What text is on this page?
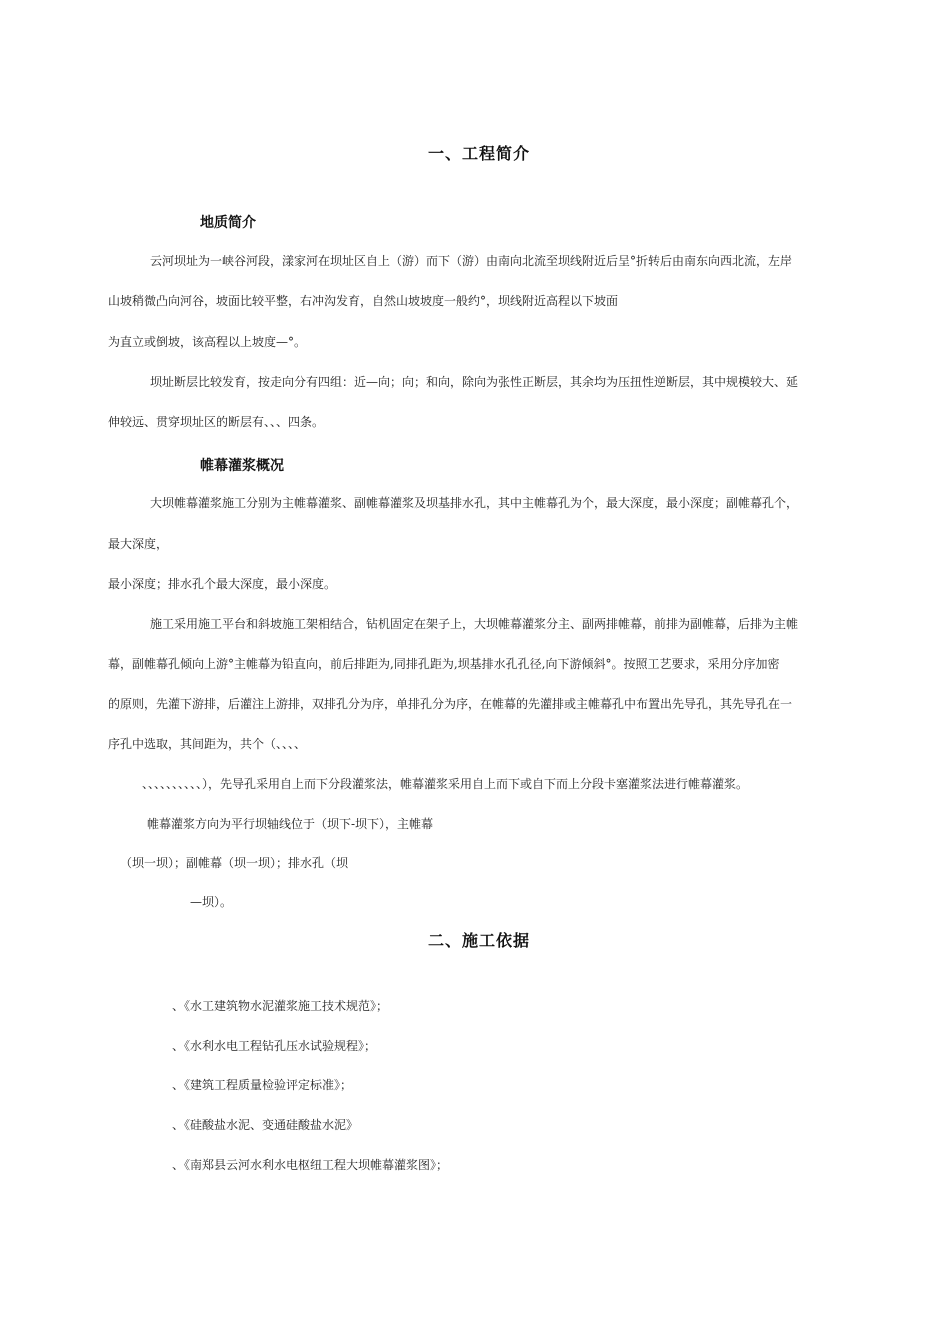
一、工程简介
地质简介

云河坝址为一峡谷河段，漾家河在坝址区自上（游）而下（游）由南向北流至坝线附近后呈°折转后由南东向西北流，左岸

山坡稍微凸向河谷，坡面比较平整，右冲沟发育，自然山坡坡度一般约°，坝线附近高程以下坡面

为直立或倒坡，该高程以上坡度—°。

坝址断层比较发育，按走向分有四组：近—向；向；和向，除向为张性正断层，其余均为压扭性逆断层，其中规模较大、延

伸较远、贯穿坝址区的断层有、、、四条。

帷幕灌浆概况

大坝帷幕灌浆施工分别为主帷幕灌浆、副帷幕灌浆及坝基排水孔，其中主帷幕孔为个，最大深度，最小深度；副帷幕孔个，

最大深度，

最小深度；排水孔个最大深度，最小深度。

施工采用施工平台和斜坡施工架相结合，钻机固定在架子上，大坝帷幕灌浆分主、副两排帷幕，前排为副帷幕，后排为主帷

幕，副帷幕孔倾向上游°主帷幕为铅直向，前后排距为,同排孔距为,坝基排水孔孔径,向下游倾斜°。按照工艺要求，采用分序加密

的原则，先灌下游排，后灌注上游排，双排孔分为序，单排孔分为序，在帷幕的先灌排或主帷幕孔中布置出先导孔，其先导孔在一

序孔中选取，其间距为，共个（、、、、

、、、、、、、、、、），先导孔采用自上而下分段灌浆法，帷幕灌浆采用自上而下或自下而上分段卡塞灌浆法进行帷幕灌浆。

帷幕灌浆方向为平行坝轴线位于（坝下-坝下），主帷幕

（坝一坝）；副帷幕（坝一坝）；排水孔（坝

—坝）。

二、施工依据

、《水工建筑物水泥灌浆施工技术规范》；

、《水利水电工程钻孔压水试验规程》；

、《建筑工程质量检验评定标准》；

、《硅酸盐水泥、变通硅酸盐水泥》

、《南郑县云河水利水电枢纽工程大坝帷幕灌浆图》；
